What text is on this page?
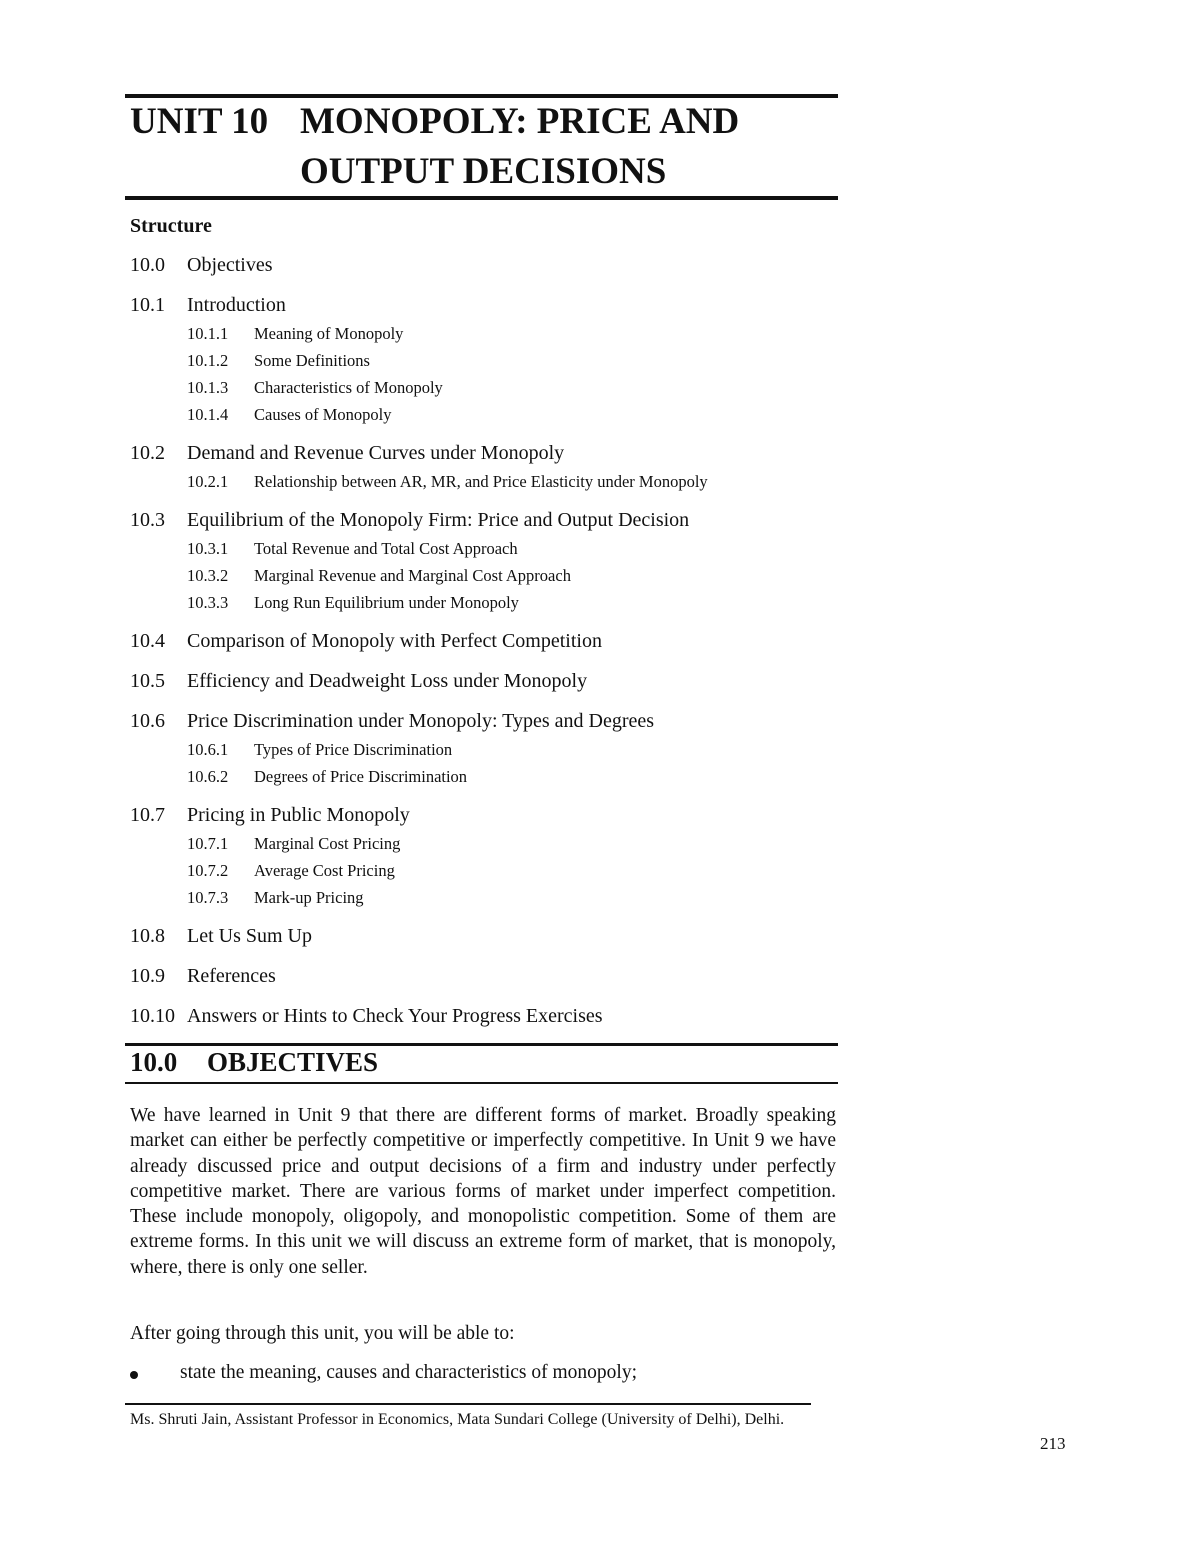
UNIT 10 MONOPOLY: PRICE AND
OUTPUT DECISIONS
Structure
10.0 Objectives
10.1 Introduction
10.1.1 Meaning of Monopoly
10.1.2 Some Definitions
10.1.3 Characteristics of Monopoly
10.1.4 Causes of Monopoly
10.2 Demand and Revenue Curves under Monopoly
10.2.1 Relationship between AR, MR, and Price Elasticity under Monopoly
10.3 Equilibrium of the Monopoly Firm: Price and Output Decision
10.3.1 Total Revenue and Total Cost Approach
10.3.2 Marginal Revenue and Marginal Cost Approach
10.3.3 Long Run Equilibrium under Monopoly
10.4 Comparison of Monopoly with Perfect Competition
10.5 Efficiency and Deadweight Loss under Monopoly
10.6 Price Discrimination under Monopoly: Types and Degrees
10.6.1 Types of Price Discrimination
10.6.2 Degrees of Price Discrimination
10.7 Pricing in Public Monopoly
10.7.1 Marginal Cost Pricing
10.7.2 Average Cost Pricing
10.7.3 Mark-up Pricing
10.8 Let Us Sum Up
10.9 References
10.10 Answers or Hints to Check Your Progress Exercises
10.0 OBJECTIVES

We have learned in Unit 9 that there are different forms of market. Broadly speaking market can either be perfectly competitive or imperfectly competitive. In Unit 9 we have already discussed price and output decisions of a firm and industry under perfectly competitive market. There are various forms of market under imperfect competition. These include monopoly, oligopoly, and monopolistic competition. Some of them are extreme forms. In this unit we will discuss an extreme form of market, that is monopoly, where, there is only one seller.

After going through this unit, you will be able to:

state the meaning, causes and characteristics of monopoly;
Ms. Shruti Jain, Assistant Professor in Economics, Mata Sundari College (University of Delhi), Delhi.
213
